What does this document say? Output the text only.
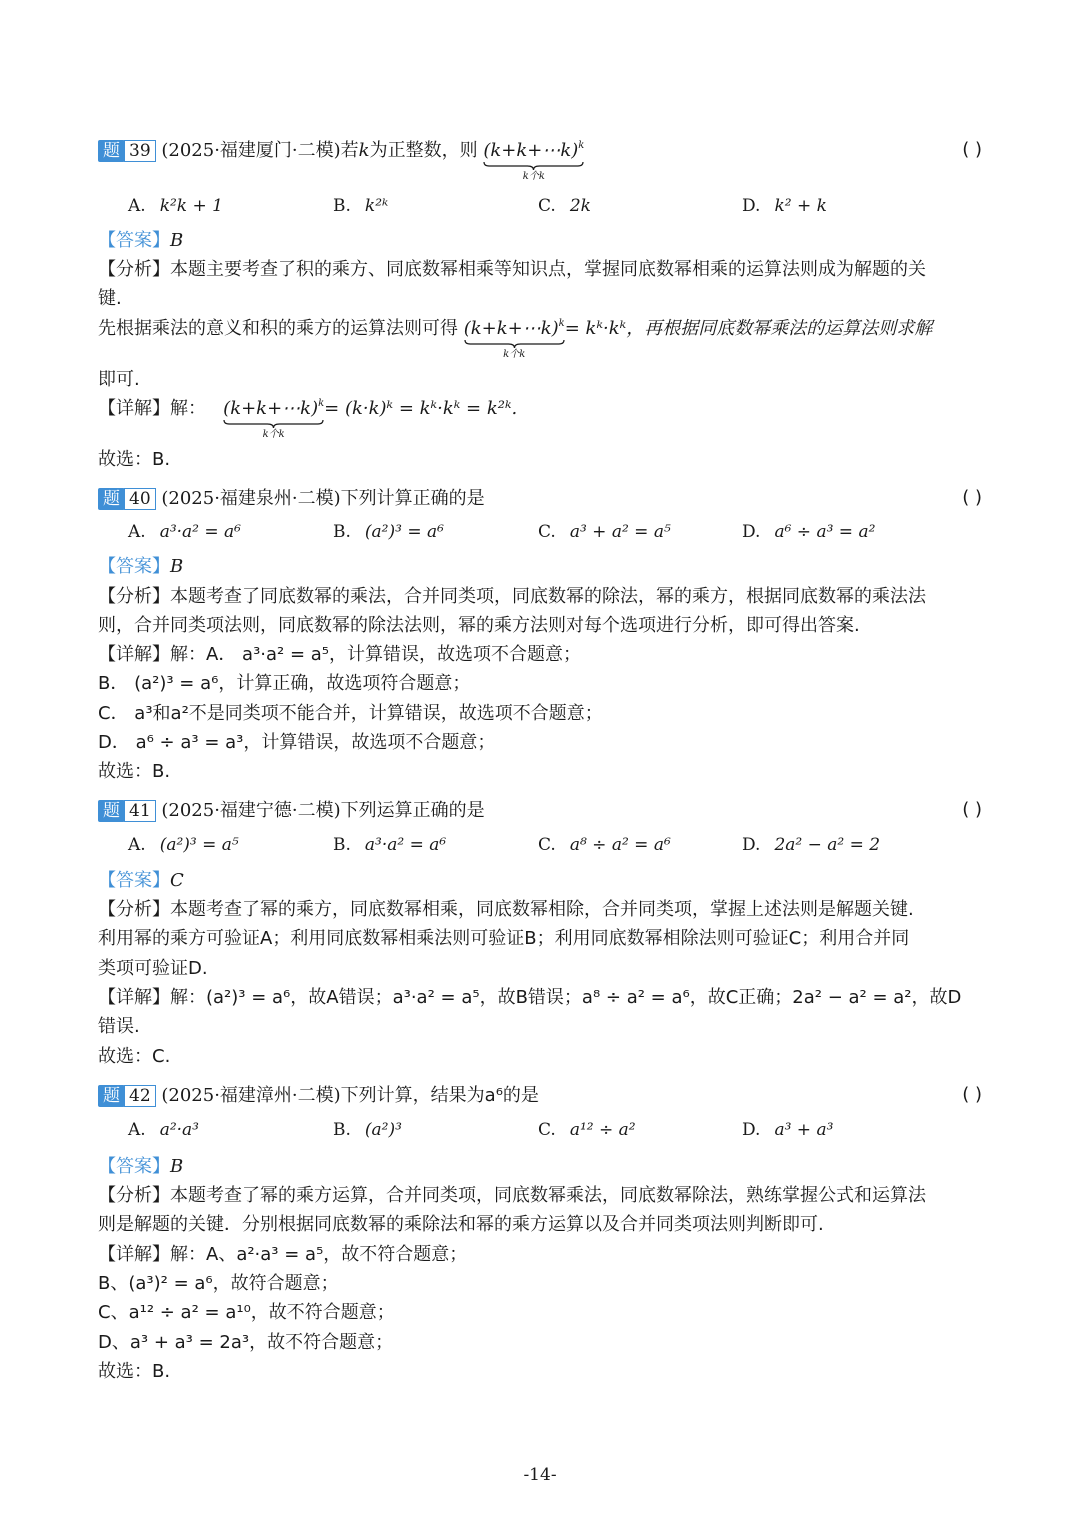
题 39 (2025·福建厦门·二模)若k为正整数，则 (k+k+⋯k)$^k$
k个k
( )
A. k²k + 1	B. k²ᵏ	C. 2k	D. k² + k
【答案】B
【分析】本题主要考查了积的乘方、同底数幂相乘等知识点，掌握同底数幂相乘的运算法则成为解题的关
键.
先根据乘法的意义和积的乘方的运算法则可得 (k+k+⋯k)$^k$
k个k
= kᵏ·kᵏ，再根据同底数幂乘法的运算法则求解
即可.
【详解】解： (k+k+⋯k)$^k$
k个k
= (k·k)ᵏ = kᵏ·kᵏ = k²ᵏ.
故选：B.
题 40 (2025·福建泉州·二模)下列计算正确的是	( )
A. a³·a² = a⁶	B. (a²)³ = a⁶	C. a³ + a² = a⁵	D. a⁶ ÷ a³ = a²
【答案】B
【分析】本题考查了同底数幂的乘法，合并同类项，同底数幂的除法，幂的乘方，根据同底数幂的乘法法
则，合并同类项法则，同底数幂的除法法则，幂的乘方法则对每个选项进行分析，即可得出答案.
【详解】解：A． a³·a² = a⁵，计算错误，故选项不合题意；
B． (a²)³ = a⁶，计算正确，故选项符合题意；
C． a³和a²不是同类项不能合并，计算错误，故选项不合题意；
D． a⁶ ÷ a³ = a³，计算错误，故选项不合题意；
故选：B.
题 41 (2025·福建宁德·二模)下列运算正确的是	( )
A. (a²)³ = a⁵	B. a³·a² = a⁶	C. a⁸ ÷ a² = a⁶	D. 2a² − a² = 2
【答案】C
【分析】本题考查了幂的乘方，同底数幂相乘，同底数幂相除，合并同类项，掌握上述法则是解题关键.
利用幂的乘方可验证A；利用同底数幂相乘法则可验证B；利用同底数幂相除法则可验证C；利用合并同
类项可验证D.
【详解】解：(a²)³ = a⁶，故A错误；a³·a² = a⁵，故B错误；a⁸ ÷ a² = a⁶，故C正确；2a² − a² = a²，故D
错误.
故选：C.
题 42 (2025·福建漳州·二模)下列计算，结果为a⁶的是	( )
A. a²·a³	B. (a²)³	C. a¹² ÷ a²	D. a³ + a³
【答案】B
【分析】本题考查了幂的乘方运算，合并同类项，同底数幂乘法，同底数幂除法，熟练掌握公式和运算法
则是解题的关键．分别根据同底数幂的乘除法和幂的乘方运算以及合并同类项法则判断即可.
【详解】解：A、a²·a³ = a⁵，故不符合题意；
B、(a³)² = a⁶，故符合题意；
C、a¹² ÷ a² = a¹⁰，故不符合题意；
D、a³ + a³ = 2a³，故不符合题意；
故选：B.
-14-
